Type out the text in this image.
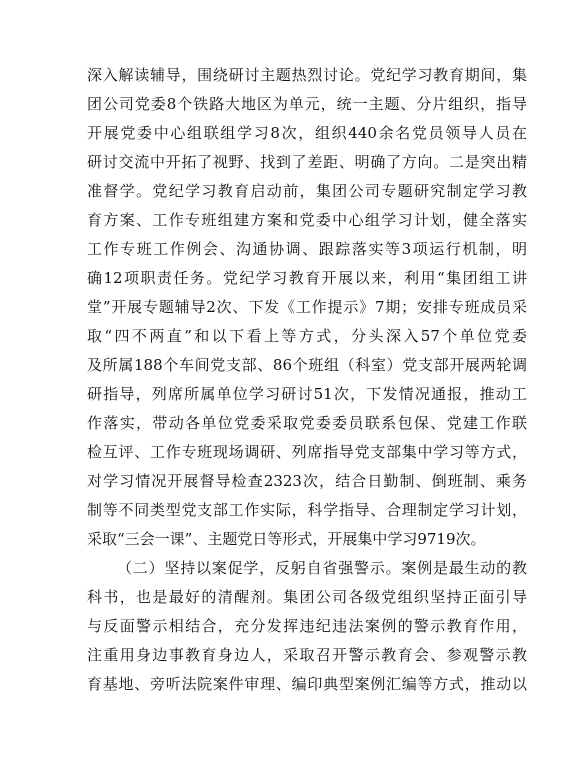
深入解读辅导，围绕研讨主题热烈讨论。党纪学习教育期间，集
团公司党委8个铁路大地区为单元，统一主题、分片组织，指导
开展党委中心组联组学习8次，组织440余名党员领导人员在
研讨交流中开拓了视野、找到了差距、明确了方向。二是突出精
准督学。党纪学习教育启动前，集团公司专题研究制定学习教
育方案、工作专班组建方案和党委中心组学习计划，健全落实
工作专班工作例会、沟通协调、跟踪落实等3项运行机制，明
确12项职责任务。党纪学习教育开展以来，利用“集团组工讲
堂”开展专题辅导2次、下发《工作提示》7期；安排专班成员采
取“四不两直”和以下看上等方式，分头深入57个单位党委
及所属188个车间党支部、86个班组（科室）党支部开展两轮调
研指导，列席所属单位学习研讨51次，下发情况通报，推动工
作落实，带动各单位党委采取党委委员联系包保、党建工作联
检互评、工作专班现场调研、列席指导党支部集中学习等方式，
对学习情况开展督导检查2323次，结合日勤制、倒班制、乘务
制等不同类型党支部工作实际，科学指导、合理制定学习计划，
采取“三会一课”、主题党日等形式，开展集中学习9719次。
（二）坚持以案促学，反躬自省强警示。案例是最生动的教
科书，也是最好的清醒剂。集团公司各级党组织坚持正面引导
与反面警示相结合，充分发挥违纪违法案例的警示教育作用，
注重用身边事教育身边人，采取召开警示教育会、参观警示教
育基地、旁听法院案件审理、编印典型案例汇编等方式，推动以
